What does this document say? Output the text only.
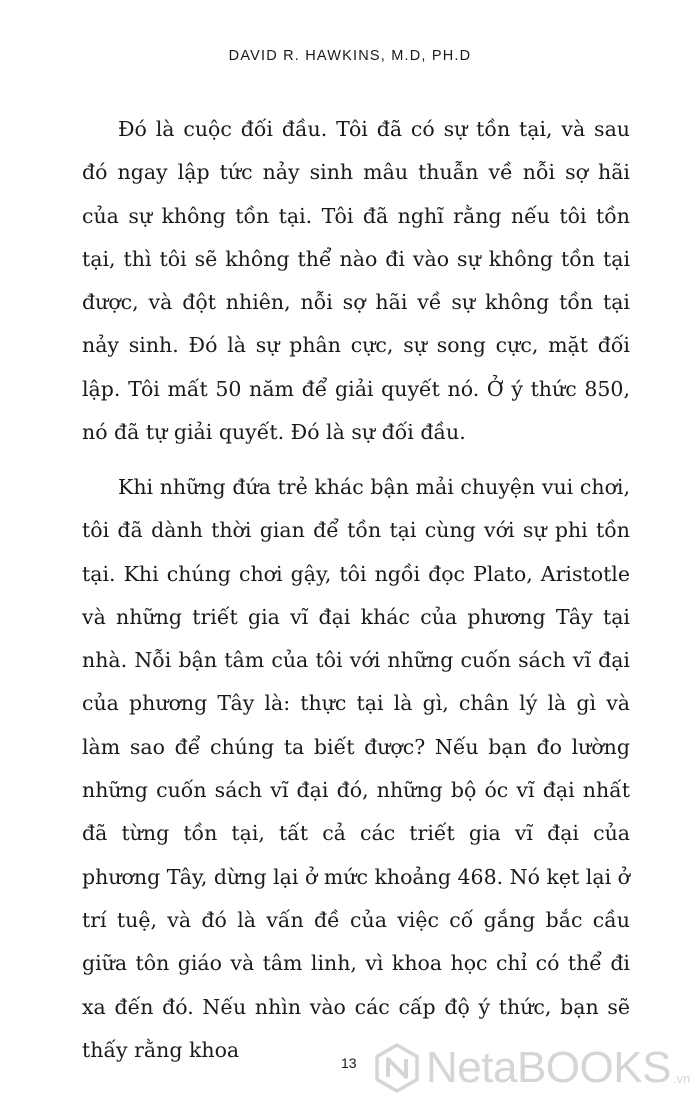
DAVID R. HAWKINS, M.D, PH.D

Đó là cuộc đối đầu. Tôi đã có sự tồn tại, và sau đó ngay lập tức nảy sinh mâu thuẫn về nỗi sợ hãi của sự không tồn tại. Tôi đã nghĩ rằng nếu tôi tồn tại, thì tôi sẽ không thể nào đi vào sự không tồn tại được, và đột nhiên, nỗi sợ hãi về sự không tồn tại nảy sinh. Đó là sự phân cực, sự song cực, mặt đối lập. Tôi mất 50 năm để giải quyết nó. Ở ý thức 850, nó đã tự giải quyết. Đó là sự đối đầu.

Khi những đứa trẻ khác bận mải chuyện vui chơi, tôi đã dành thời gian để tồn tại cùng với sự phi tồn tại. Khi chúng chơi gậy, tôi ngồi đọc Plato, Aristotle và những triết gia vĩ đại khác của phương Tây tại nhà. Nỗi bận tâm của tôi với những cuốn sách vĩ đại của phương Tây là: thực tại là gì, chân lý là gì và làm sao để chúng ta biết được? Nếu bạn đo lường những cuốn sách vĩ đại đó, những bộ óc vĩ đại nhất đã từng tồn tại, tất cả các triết gia vĩ đại của phương Tây, dừng lại ở mức khoảng 468. Nó kẹt lại ở trí tuệ, và đó là vấn đề của việc cố gắng bắc cầu giữa tôn giáo và tâm linh, vì khoa học chỉ có thể đi xa đến đó. Nếu nhìn vào các cấp độ ý thức, bạn sẽ thấy rằng khoa

13 NetaBOOKS .vn
